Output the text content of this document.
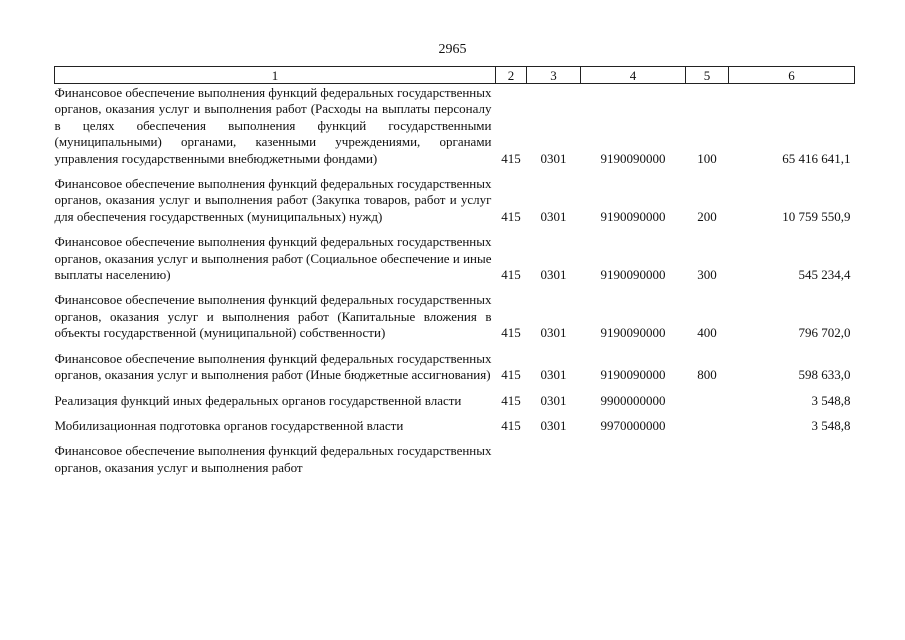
2965
1	2	3	4	5	6
Финансовое обеспечение выполнения функций федеральных государственных органов, оказания услуг и выполнения работ (Расходы на выплаты персоналу в целях обеспечения выполнения функций государственными (муниципальными) органами, казенными учреждениями, органами управления государственными внебюджетными фондами)	415	0301	9190090000	100	65 416 641,1
Финансовое обеспечение выполнения функций федеральных государственных органов, оказания услуг и выполнения работ (Закупка товаров, работ и услуг для обеспечения государственных (муниципальных) нужд)	415	0301	9190090000	200	10 759 550,9
Финансовое обеспечение выполнения функций федеральных государственных органов, оказания услуг и выполнения работ (Социальное обеспечение и иные выплаты населению)	415	0301	9190090000	300	545 234,4
Финансовое обеспечение выполнения функций федеральных государственных органов, оказания услуг и выполнения работ (Капитальные вложения в объекты государственной (муниципальной) собственности)	415	0301	9190090000	400	796 702,0
Финансовое обеспечение выполнения функций федеральных государственных органов, оказания услуг и выполнения работ (Иные бюджетные ассигнования)	415	0301	9190090000	800	598 633,0
Реализация функций иных федеральных органов государственной власти	415	0301	9900000000		3 548,8
Мобилизационная подготовка органов государственной власти	415	0301	9970000000		3 548,8
Финансовое обеспечение выполнения функций федеральных государственных органов, оказания услуг и выполнения работ					
